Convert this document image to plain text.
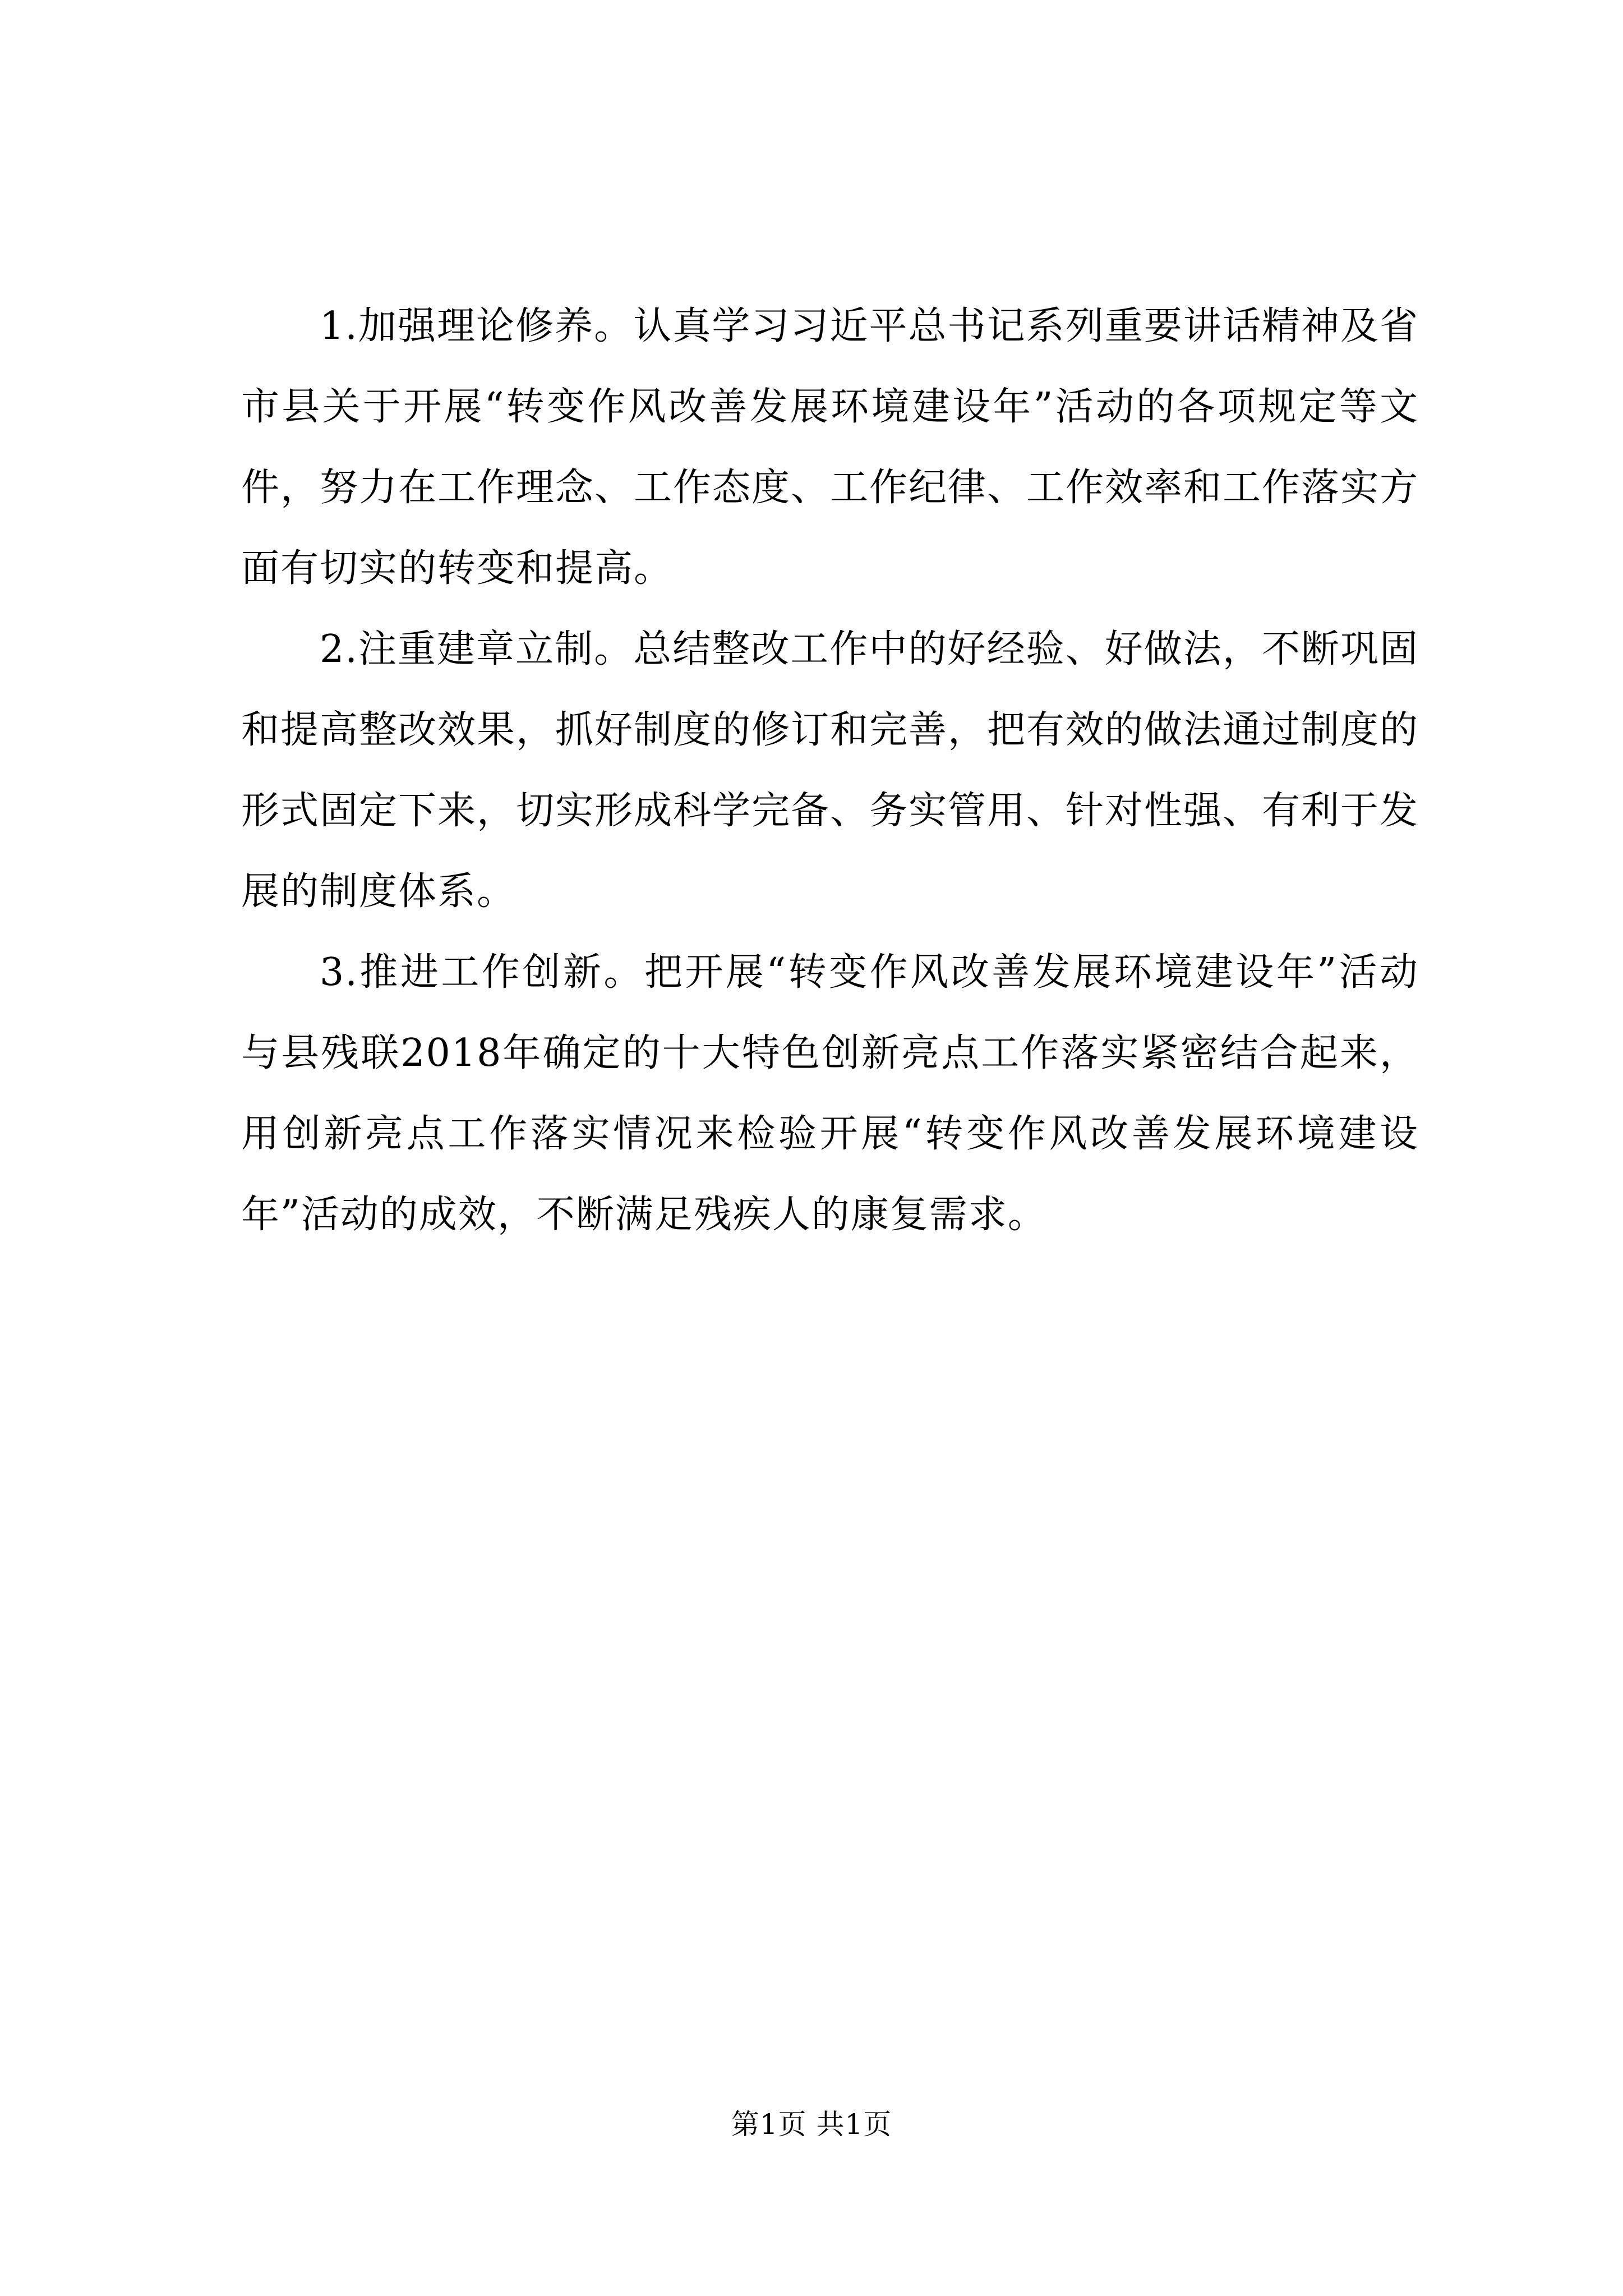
1.加强理论修养。认真学习习近平总书记系列重要讲话精神及省市县关于开展“转变作风改善发展环境建设年”活动的各项规定等文件，努力在工作理念、工作态度、工作纪律、工作效率和工作落实方面有切实的转变和提高。

2.注重建章立制。总结整改工作中的好经验、好做法，不断巩固和提高整改效果，抓好制度的修订和完善，把有效的做法通过制度的形式固定下来，切实形成科学完备、务实管用、针对性强、有利于发展的制度体系。

3.推进工作创新。把开展“转变作风改善发展环境建设年”活动与县残联2018年确定的十大特色创新亮点工作落实紧密结合起来，用创新亮点工作落实情况来检验开展“转变作风改善发展环境建设年”活动的成效，不断满足残疾人的康复需求。

第1页 共1页
